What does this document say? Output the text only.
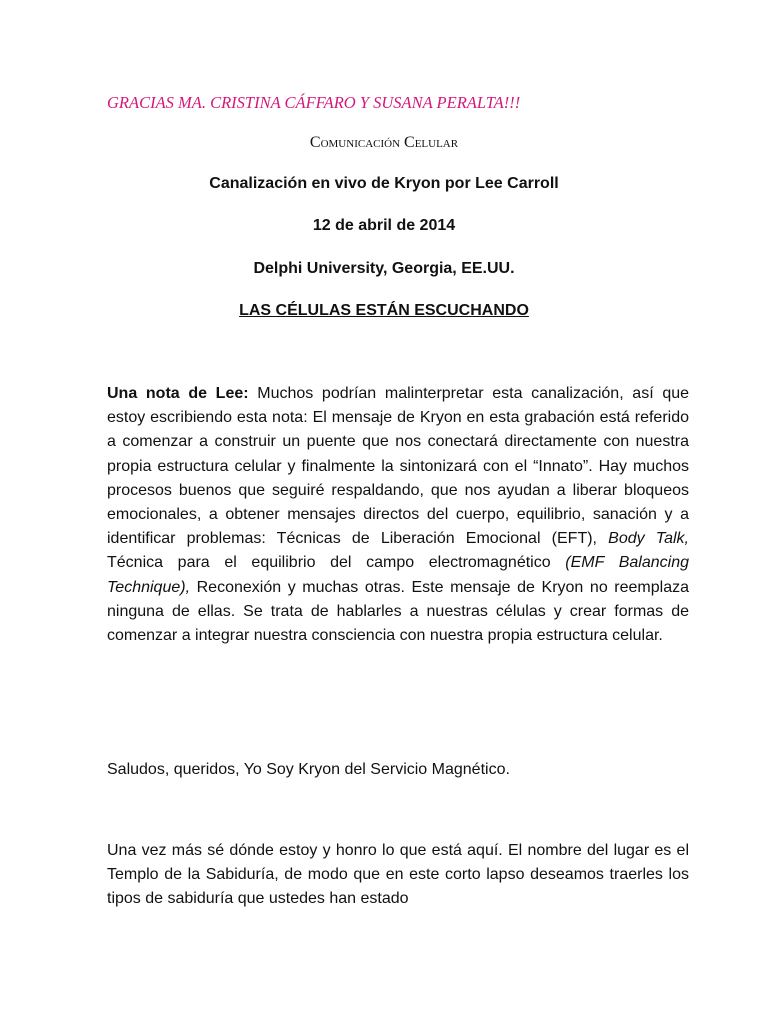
GRACIAS MA. CRISTINA CÁFFARO Y SUSANA PERALTA!!!
Comunicación Celular
Canalización en vivo de Kryon por Lee Carroll
12 de abril de 2014
Delphi University, Georgia, EE.UU.
LAS CÉLULAS ESTÁN ESCUCHANDO
Una nota de Lee: Muchos podrían malinterpretar esta canalización, así que estoy escribiendo esta nota: El mensaje de Kryon en esta grabación está referido a comenzar a construir un puente que nos conectará directamente con nuestra propia estructura celular y finalmente la sintonizará con el “Innato”. Hay muchos procesos buenos que seguiré respaldando, que nos ayudan a liberar bloqueos emocionales, a obtener mensajes directos del cuerpo, equilibrio, sanación y a identificar problemas: Técnicas de Liberación Emocional (EFT), Body Talk, Técnica para el equilibrio del campo electromagnético (EMF Balancing Technique), Reconexión y muchas otras. Este mensaje de Kryon no reemplaza ninguna de ellas. Se trata de hablarles a nuestras células y crear formas de comenzar a integrar nuestra consciencia con nuestra propia estructura celular.
Saludos, queridos, Yo Soy Kryon del Servicio Magnético.
Una vez más sé dónde estoy y honro lo que está aquí. El nombre del lugar es el Templo de la Sabiduría, de modo que en este corto lapso deseamos traerles los tipos de sabiduría que ustedes han estado
